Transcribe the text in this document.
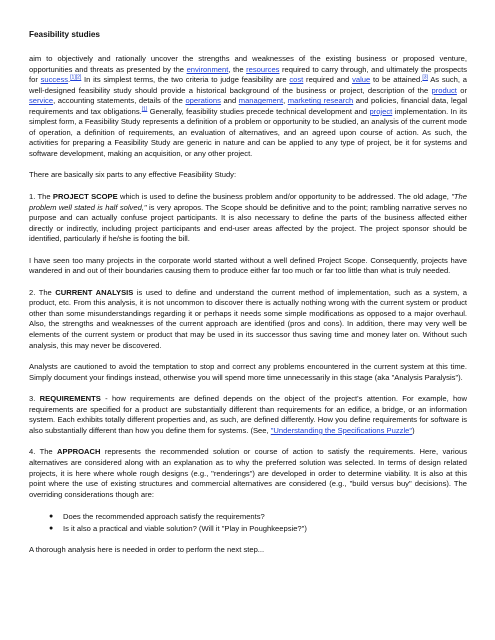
Feasibility studies

aim to objectively and rationally uncover the strengths and weaknesses of the existing business or proposed venture, opportunities and threats as presented by the environment, the resources required to carry through, and ultimately the prospects for success.[1][2] In its simplest terms, the two criteria to judge feasibility are cost required and value to be attained.[3] As such, a well-designed feasibility study should provide a historical background of the business or project, description of the product or service, accounting statements, details of the operations and management, marketing research and policies, financial data, legal requirements and tax obligations.[1] Generally, feasibility studies precede technical development and project implementation. In its simplest form, a Feasibility Study represents a definition of a problem or opportunity to be studied, an analysis of the current mode of operation, a definition of requirements, an evaluation of alternatives, and an agreed upon course of action. As such, the activities for preparing a Feasibility Study are generic in nature and can be applied to any type of project, be it for systems and software development, making an acquisition, or any other project.

There are basically six parts to any effective Feasibility Study:

1. The PROJECT SCOPE which is used to define the business problem and/or opportunity to be addressed. The old adage, "The problem well stated is half solved," is very apropos. The Scope should be definitive and to the point; rambling narrative serves no purpose and can actually confuse project participants. It is also necessary to define the parts of the business affected either directly or indirectly, including project participants and end-user areas affected by the project. The project sponsor should be identified, particularly if he/she is footing the bill.

I have seen too many projects in the corporate world started without a well defined Project Scope. Consequently, projects have wandered in and out of their boundaries causing them to produce either far too much or far too little than what is truly needed.

2. The CURRENT ANALYSIS is used to define and understand the current method of implementation, such as a system, a product, etc. From this analysis, it is not uncommon to discover there is actually nothing wrong with the current system or product other than some misunderstandings regarding it or perhaps it needs some simple modifications as opposed to a major overhaul. Also, the strengths and weaknesses of the current approach are identified (pros and cons). In addition, there may very well be elements of the current system or product that may be used in its successor thus saving time and money later on. Without such analysis, this may never be discovered.

Analysts are cautioned to avoid the temptation to stop and correct any problems encountered in the current system at this time. Simply document your findings instead, otherwise you will spend more time unnecessarily in this stage (aka "Analysis Paralysis").

3. REQUIREMENTS - how requirements are defined depends on the object of the project's attention. For example, how requirements are specified for a product are substantially different than requirements for an edifice, a bridge, or an information system. Each exhibits totally different properties and, as such, are defined differently. How you define requirements for software is also substantially different than how you define them for systems. (See, "Understanding the Specifications Puzzle")

4. The APPROACH represents the recommended solution or course of action to satisfy the requirements. Here, various alternatives are considered along with an explanation as to why the preferred solution was selected. In terms of design related projects, it is here where whole rough designs (e.g., "renderings") are developed in order to determine viability. It is also at this point where the use of existing structures and commercial alternatives are considered (e.g., "build versus buy" decisions). The overriding considerations though are:

● Does the recommended approach satisfy the requirements?
● Is it also a practical and viable solution? (Will it "Play in Poughkeepsie?")

A thorough analysis here is needed in order to perform the next step...
